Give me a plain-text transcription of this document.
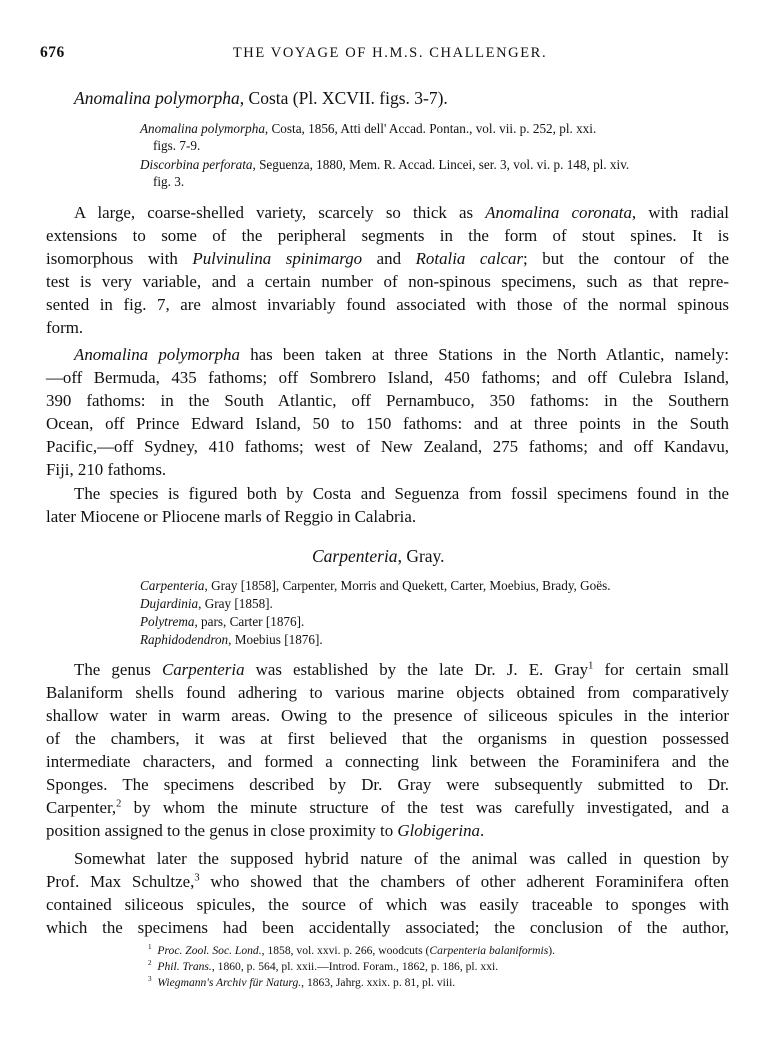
676	THE VOYAGE OF H.M.S. CHALLENGER.
Anomalina polymorpha, Costa (Pl. XCVII. figs. 3-7).
Anomalina polymorpha, Costa, 1856, Atti dell' Accad. Pontan., vol. vii. p. 252, pl. xxi.
figs. 7-9.
Discorbina perforata, Seguenza, 1880, Mem. R. Accad. Lincei, ser. 3, vol. vi. p. 148, pl. xiv.
fig. 3.
A large, coarse-shelled variety, scarcely so thick as Anomalina coronata, with radial
extensions to some of the peripheral segments in the form of stout spines. It is
isomorphous with Pulvinulina spinimargo and Rotalia calcar; but the contour of the
test is very variable, and a certain number of non-spinous specimens, such as that repre-
sented in fig. 7, are almost invariably found associated with those of the normal spinous
form.
Anomalina polymorpha has been taken at three Stations in the North Atlantic, namely:
—off Bermuda, 435 fathoms; off Sombrero Island, 450 fathoms; and off Culebra Island,
390 fathoms: in the South Atlantic, off Pernambuco, 350 fathoms: in the Southern
Ocean, off Prince Edward Island, 50 to 150 fathoms: and at three points in the South
Pacific,—off Sydney, 410 fathoms; west of New Zealand, 275 fathoms; and off Kandavu,
Fiji, 210 fathoms.
The species is figured both by Costa and Seguenza from fossil specimens found in the
later Miocene or Pliocene marls of Reggio in Calabria.
Carpenteria, Gray.
Carpenteria, Gray [1858], Carpenter, Morris and Quekett, Carter, Moebius, Brady, Goës.
Dujardinia, Gray [1858].
Polytrema, pars, Carter [1876].
Raphidodendron, Moebius [1876].
The genus Carpenteria was established by the late Dr. J. E. Gray$^1$ for certain small
Balaniform shells found adhering to various marine objects obtained from comparatively
shallow water in warm areas. Owing to the presence of siliceous spicules in the interior
of the chambers, it was at first believed that the organisms in question possessed
intermediate characters, and formed a connecting link between the Foraminifera and the
Sponges. The specimens described by Dr. Gray were subsequently submitted to Dr.
Carpenter,$^2$ by whom the minute structure of the test was carefully investigated, and a
position assigned to the genus in close proximity to Globigerina.
Somewhat later the supposed hybrid nature of the animal was called in question by
Prof. Max Schultze,$^3$ who showed that the chambers of other adherent Foraminifera often
contained siliceous spicules, the source of which was easily traceable to sponges with
which the specimens had been accidentally associated; the conclusion of the author,
$^1$ Proc. Zool. Soc. Lond., 1858, vol. xxvi. p. 266, woodcuts (Carpenteria balaniformis).
$^2$ Phil. Trans., 1860, p. 564, pl. xxii.—Introd. Foram., 1862, p. 186, pl. xxi.
$^3$ Wiegmann's Archiv für Naturg., 1863, Jahrg. xxix. p. 81, pl. viii.
